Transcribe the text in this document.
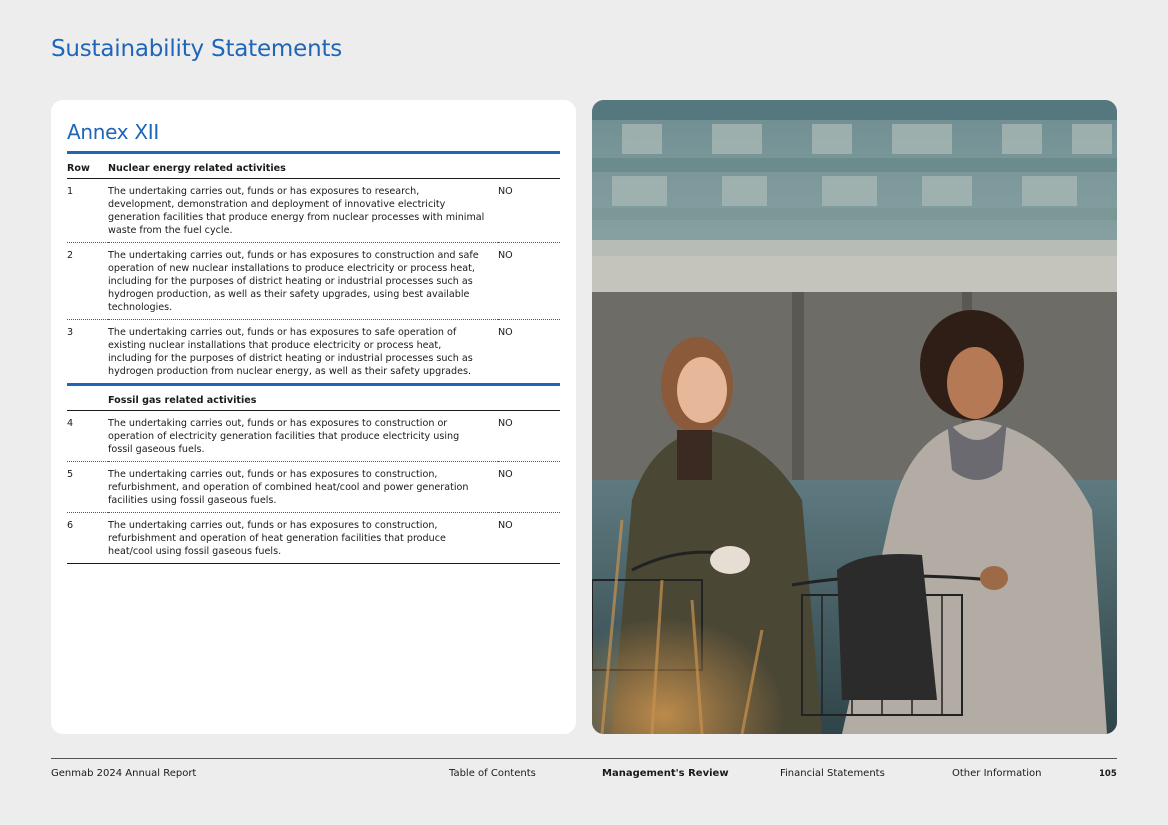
Sustainability Statements
Annex XII
Row	Nuclear energy related activities	
1	The undertaking carries out, funds or has exposures to research, development, demonstration and deployment of innovative electricity generation facilities that produce energy from nuclear processes with minimal waste from the fuel cycle.	NO
2	The undertaking carries out, funds or has exposures to construction and safe operation of new nuclear installations to produce electricity or process heat, including for the purposes of district heating or industrial processes such as hydrogen production, as well as their safety upgrades, using best available technologies.	NO
3	The undertaking carries out, funds or has exposures to safe operation of existing nuclear installations that produce electricity or process heat, including for the purposes of district heating or industrial processes such as hydrogen production from nuclear energy, as well as their safety upgrades.	NO
	Fossil gas related activities	
4	The undertaking carries out, funds or has exposures to construction or operation of electricity generation facilities that produce electricity using fossil gaseous fuels.	NO
5	The undertaking carries out, funds or has exposures to construction, refurbishment, and operation of combined heat/cool and power generation facilities using fossil gaseous fuels.	NO
6	The undertaking carries out, funds or has exposures to construction, refurbishment and operation of heat generation facilities that produce heat/cool using fossil gaseous fuels.	NO
Genmab 2024 Annual Report	Table of Contents	Management's Review	Financial Statements	Other Information	105
